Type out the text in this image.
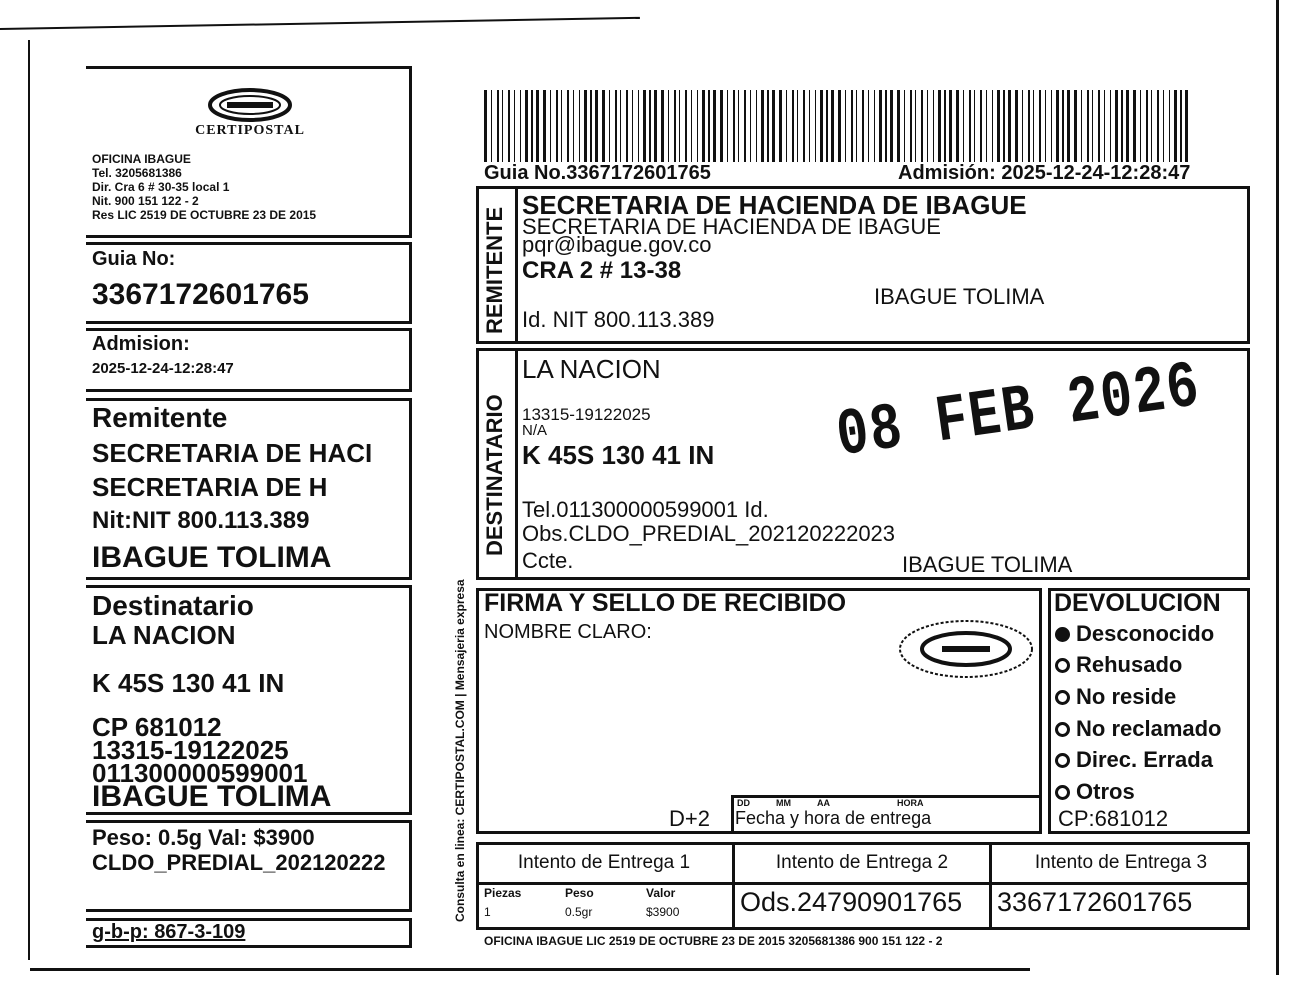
CERTIPOSTAL
OFICINA IBAGUE
Tel. 3205681386
Dir. Cra 6 # 30-35 local 1
Nit. 900 151 122 - 2
Res LIC 2519 DE OCTUBRE 23 DE 2015
Guia No:
3367172601765
Admision:
2025-12-24-12:28:47
Remitente
SECRETARIA DE HACI
SECRETARIA DE H
Nit:NIT 800.113.389
IBAGUE TOLIMA
Destinatario
LA NACION
K 45S 130 41 IN
CP 681012
13315-19122025
011300000599001
IBAGUE TOLIMA
Peso: 0.5g Val: $3900
CLDO_PREDIAL_202120222
g-b-p: 867-3-109
Consulta en linea: CERTIPOSTAL.COM | Mensajeria expresa
Guia No.3367172601765	Admisión: 2025-12-24-12:28:47
REMITENTE
SECRETARIA DE HACIENDA DE IBAGUE
SECRETARIA DE HACIENDA DE IBAGUE
pqr@ibague.gov.co
CRA 2 # 13-38
IBAGUE TOLIMA
Id. NIT 800.113.389
DESTINATARIO
LA NACION
13315-19122025
N/A
K 45S 130 41 IN
Tel.011300000599001 Id.
Obs.CLDO_PREDIAL_202120222023
Ccte.	IBAGUE TOLIMA
08 FEB 2026
FIRMA Y SELLO DE RECIBIDO
NOMBRE CLARO:
D+2
DD	MM	AA	HORA
Fecha y hora de entrega
DEVOLUCION
Desconocido
Rehusado
No reside
No reclamado
Direc. Errada
Otros
CP:681012
Intento de Entrega 1	Intento de Entrega 2	Intento de Entrega 3
Piezas	Peso	Valor
1	0.5gr	$3900 Ods.24790901765 3367172601765
OFICINA IBAGUE LIC 2519 DE OCTUBRE 23 DE 2015 3205681386 900 151 122 - 2
